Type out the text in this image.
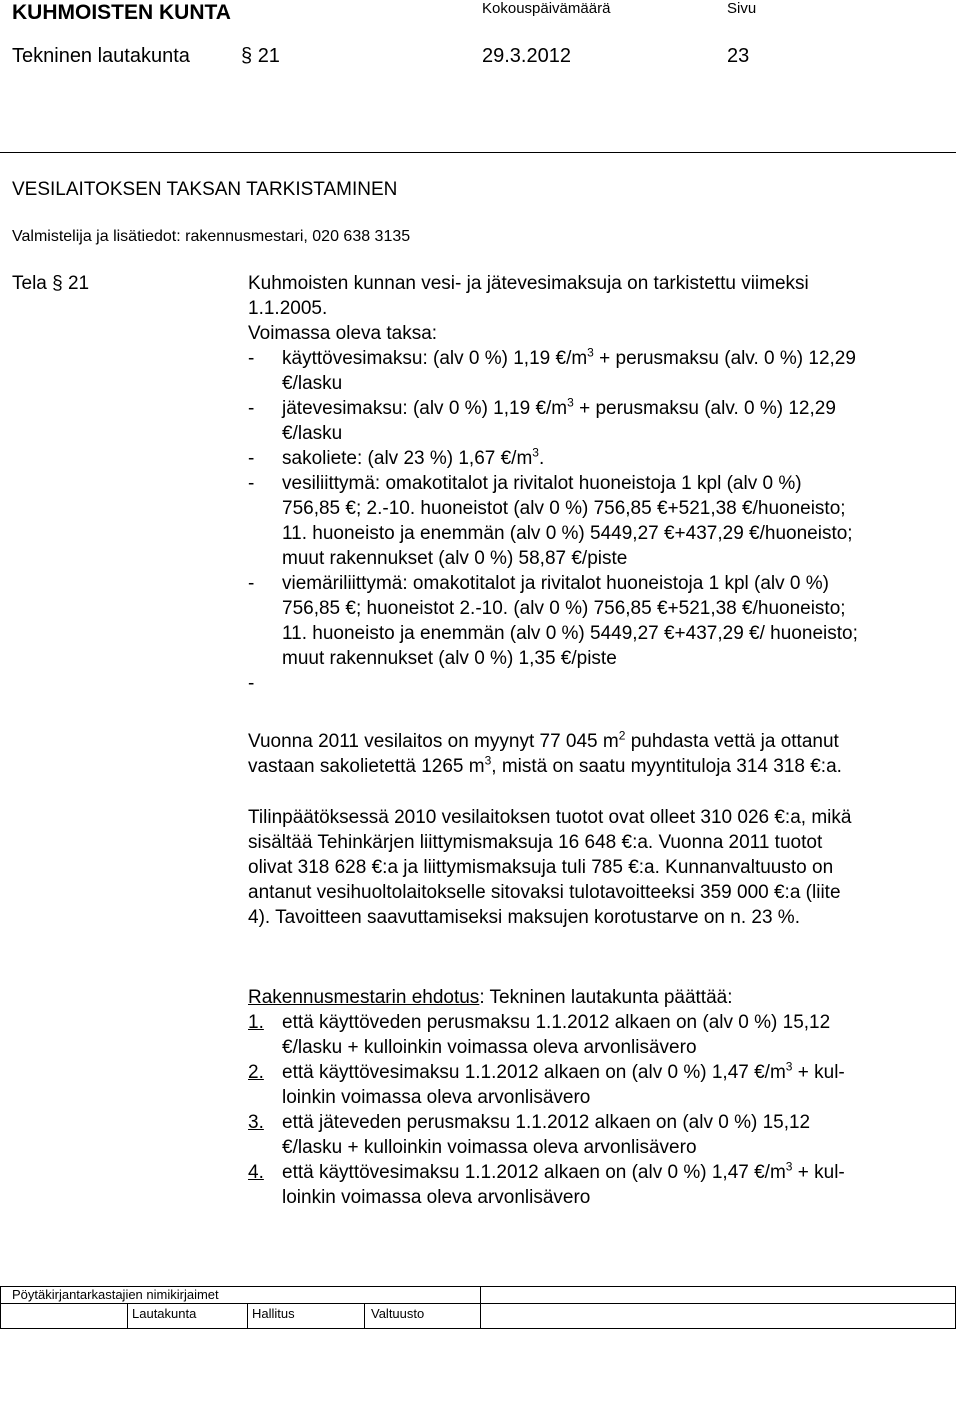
KUHMOISTEN KUNTA	Kokouspäivämäärä	Sivu
Tekninen lautakunta	§ 21	29.3.2012	23
VESILAITOKSEN TAKSAN TARKISTAMINEN
Valmistelija ja lisätiedot: rakennusmestari, 020 638 3135
Tela § 21	Kuhmoisten kunnan vesi- ja jätevesimaksuja on tarkistettu viimeksi
1.1.2005.
Voimassa oleva taksa:
- käyttövesimaksu: (alv 0 %) 1,19 $€/m^3$ + perusmaksu (alv. 0 %) 12,29
€/lasku
- jätevesimaksu: (alv 0 %) 1,19 $€/m^3$ + perusmaksu (alv. 0 %) 12,29
€/lasku
- sakoliete: (alv 23 %) 1,67 $€/m^3$.
- vesiliittymä: omakotitalot ja rivitalot huoneistoja 1 kpl (alv 0 %)
756,85 €; 2.-10. huoneistot (alv 0 %) 756,85 €+521,38 €/huoneisto;
11. huoneisto ja enemmän (alv 0 %) 5449,27 €+437,29 €/huoneisto;
muut rakennukset (alv 0 %) 58,87 €/piste
- viemäriliittymä: omakotitalot ja rivitalot huoneistoja 1 kpl (alv 0 %)
756,85 €; huoneistot 2.-10. (alv 0 %) 756,85 €+521,38 €/huoneisto;
11. huoneisto ja enemmän (alv 0 %) 5449,27 €+437,29 €/ huoneisto;
muut rakennukset (alv 0 %) 1,35 €/piste
-
Vuonna 2011 vesilaitos on myynyt 77 045 $m^2$ puhdasta vettä ja ottanut
vastaan sakolietettä 1265 $m^3$, mistä on saatu myyntituloja 314 318 €:a.
Tilinpäätöksessä 2010 vesilaitoksen tuotot ovat olleet 310 026 €:a, mikä
sisältää Tehinkärjen liittymismaksuja 16 648 €:a. Vuonna 2011 tuotot
olivat 318 628 €:a ja liittymismaksuja tuli 785 €:a. Kunnanvaltuusto on
antanut vesihuoltolaitokselle sitovaksi tulotavoitteeksi 359 000 €:a (liite
4). Tavoitteen saavuttamiseksi maksujen korotustarve on n. 23 %.
Rakennusmestarin ehdotus: Tekninen lautakunta päättää:
1. että käyttöveden perusmaksu 1.1.2012 alkaen on (alv 0 %) 15,12
€/lasku + kulloinkin voimassa oleva arvonlisävero
2. että käyttövesimaksu 1.1.2012 alkaen on (alv 0 %) 1,47 $€/m^3 + kul-$
loinkin voimassa oleva arvonlisävero
3. että jäteveden perusmaksu 1.1.2012 alkaen on (alv 0 %) 15,12
€/lasku + kulloinkin voimassa oleva arvonlisävero
4. että käyttövesimaksu 1.1.2012 alkaen on (alv 0 %) 1,47 $€/m^3 + kul-$
loinkin voimassa oleva arvonlisävero
Pöytäkirjantarkastajien nimikirjaimet
Lautakunta	Hallitus	Valtuusto
